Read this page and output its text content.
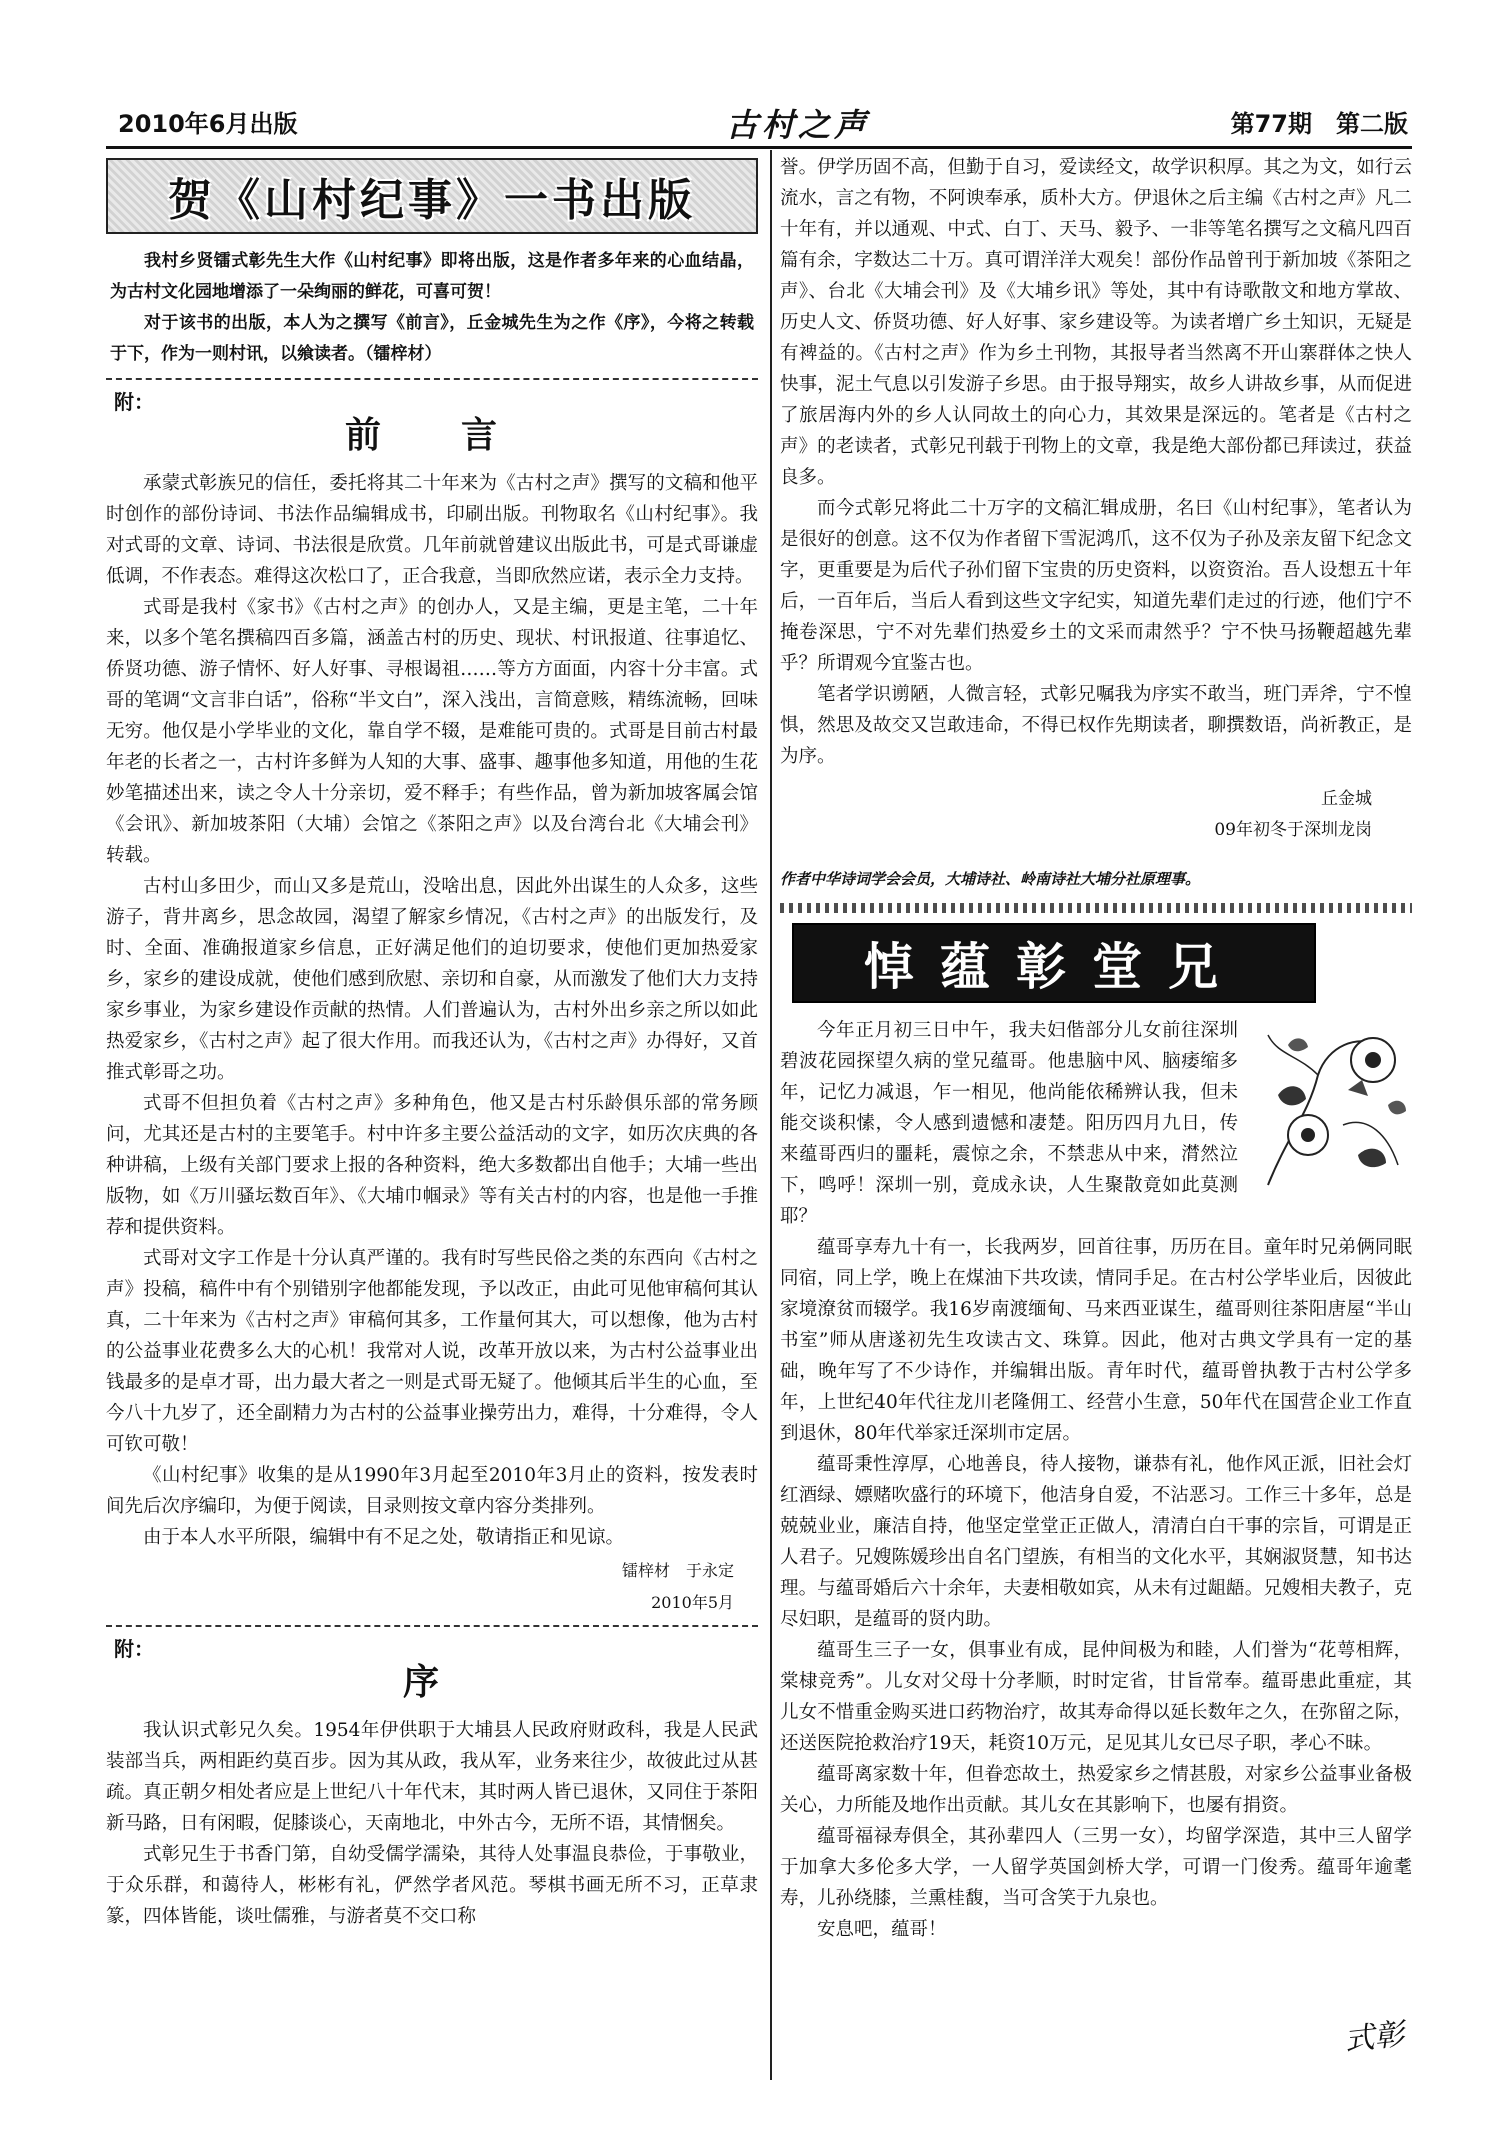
2010年6月出版	古村之声	第77期　第二版
贺《山村纪事》一书出版

我村乡贤镭式彰先生大作《山村纪事》即将出版，这是作者多年来的心血结晶，为古村文化园地增添了一朵绚丽的鲜花，可喜可贺！

对于该书的出版，本人为之撰写《前言》，丘金城先生为之作《序》，今将之转载于下，作为一则村讯，以飨读者。（镭梓材）

附：
前　言

承蒙式彰族兄的信任，委托将其二十年来为《古村之声》撰写的文稿和他平时创作的部份诗词、书法作品编辑成书，印刷出版。刊物取名《山村纪事》。我对式哥的文章、诗词、书法很是欣赏。几年前就曾建议出版此书，可是式哥谦虚低调，不作表态。难得这次松口了，正合我意，当即欣然应诺，表示全力支持。

式哥是我村《家书》《古村之声》的创办人，又是主编，更是主笔，二十年来，以多个笔名撰稿四百多篇，涵盖古村的历史、现状、村讯报道、往事追忆、侨贤功德、游子情怀、好人好事、寻根谒祖……等方方面面，内容十分丰富。式哥的笔调“文言非白话”，俗称“半文白”，深入浅出，言简意赅，精练流畅，回味无穷。他仅是小学毕业的文化，靠自学不辍，是难能可贵的。式哥是目前古村最年老的长者之一，古村许多鲜为人知的大事、盛事、趣事他多知道，用他的生花妙笔描述出来，读之令人十分亲切，爱不释手；有些作品，曾为新加坡客属会馆《会讯》、新加坡茶阳（大埔）会馆之《茶阳之声》以及台湾台北《大埔会刊》转载。

古村山多田少，而山又多是荒山，没啥出息，因此外出谋生的人众多，这些游子，背井离乡，思念故园，渴望了解家乡情况，《古村之声》的出版发行，及时、全面、准确报道家乡信息，正好满足他们的迫切要求，使他们更加热爱家乡，家乡的建设成就，使他们感到欣慰、亲切和自豪，从而激发了他们大力支持家乡事业，为家乡建设作贡献的热情。人们普遍认为，古村外出乡亲之所以如此热爱家乡，《古村之声》起了很大作用。而我还认为，《古村之声》办得好，又首推式彰哥之功。

式哥不但担负着《古村之声》多种角色，他又是古村乐龄俱乐部的常务顾问，尤其还是古村的主要笔手。村中许多主要公益活动的文字，如历次庆典的各种讲稿，上级有关部门要求上报的各种资料，绝大多数都出自他手；大埔一些出版物，如《万川骚坛数百年》、《大埔巾帼录》等有关古村的内容，也是他一手推荐和提供资料。

式哥对文字工作是十分认真严谨的。我有时写些民俗之类的东西向《古村之声》投稿，稿件中有个别错别字他都能发现，予以改正，由此可见他审稿何其认真，二十年来为《古村之声》审稿何其多，工作量何其大，可以想像，他为古村的公益事业花费多么大的心机！我常对人说，改革开放以来，为古村公益事业出钱最多的是卓才哥，出力最大者之一则是式哥无疑了。他倾其后半生的心血，至今八十九岁了，还全副精力为古村的公益事业操劳出力，难得，十分难得，令人可钦可敬！

《山村纪事》收集的是从1990年3月起至2010年3月止的资料，按发表时间先后次序编印，为便于阅读，目录则按文章内容分类排列。

由于本人水平所限，编辑中有不足之处，敬请指正和见谅。

镭梓材　于永定
2010年5月
附：
序

我认识式彰兄久矣。1954年伊供职于大埔县人民政府财政科，我是人民武装部当兵，两相距约莫百步。因为其从政，我从军，业务来往少，故彼此过从甚疏。真正朝夕相处者应是上世纪八十年代末，其时两人皆已退休，又同住于茶阳新马路，日有闲暇，促膝谈心，天南地北，中外古今，无所不语，其情悃矣。

式彰兄生于书香门第，自幼受儒学濡染，其待人处事温良恭俭，于事敬业，于众乐群，和蔼待人，彬彬有礼，俨然学者风范。琴棋书画无所不习，正草隶篆，四体皆能，谈吐儒雅，与游者莫不交口称

誉。伊学历固不高，但勤于自习，爱读经文，故学识积厚。其之为文，如行云流水，言之有物，不阿谀奉承，质朴大方。伊退休之后主编《古村之声》凡二十年有，并以通观、中式、白丁、天马、毅予、一非等笔名撰写之文稿凡四百篇有余，字数达二十万。真可谓洋洋大观矣！部份作品曾刊于新加坡《茶阳之声》、台北《大埔会刊》及《大埔乡讯》等处，其中有诗歌散文和地方掌故、历史人文、侨贤功德、好人好事、家乡建设等。为读者增广乡土知识，无疑是有裨益的。《古村之声》作为乡土刊物，其报导者当然离不开山寨群体之快人快事，泥土气息以引发游子乡思。由于报导翔实，故乡人讲故乡事，从而促进了旅居海内外的乡人认同故土的向心力，其效果是深远的。笔者是《古村之声》的老读者，式彰兄刊载于刊物上的文章，我是绝大部份都已拜读过，获益良多。

而今式彰兄将此二十万字的文稿汇辑成册，名曰《山村纪事》，笔者认为是很好的创意。这不仅为作者留下雪泥鸿爪，这不仅为子孙及亲友留下纪念文字，更重要是为后代子孙们留下宝贵的历史资料，以资资治。吾人设想五十年后，一百年后，当后人看到这些文字纪实，知道先辈们走过的行迹，他们宁不掩卷深思，宁不对先辈们热爱乡土的文采而肃然乎？宁不快马扬鞭超越先辈乎？所谓观今宜鉴古也。

笔者学识谫陋，人微言轻，式彰兄嘱我为序实不敢当，班门弄斧，宁不惶惧，然思及故交又岂敢违命，不得已权作先期读者，聊撰数语，尚祈教正，是为序。

丘金城
09年初冬于深圳龙岗
作者中华诗词学会会员，大埔诗社、岭南诗社大埔分社原理事。
悼蕴彰堂兄

今年正月初三日中午，我夫妇偕部分儿女前往深圳碧波花园探望久病的堂兄蕴哥。他患脑中风、脑痿缩多年，记忆力减退，乍一相见，他尚能依稀辨认我，但未能交谈积愫，令人感到遗憾和凄楚。阳历四月九日，传来蕴哥西归的噩耗，震惊之余，不禁悲从中来，潸然泣下，鸣呼！深圳一别，竟成永诀，人生聚散竟如此莫测耶？

蕴哥享寿九十有一，长我两岁，回首往事，历历在目。童年时兄弟俩同眠同宿，同上学，晚上在煤油下共攻读，情同手足。在古村公学毕业后，因彼此家境潦贫而辍学。我16岁南渡缅甸、马来西亚谋生，蕴哥则往茶阳唐屋“半山书室”师从唐遂初先生攻读古文、珠算。因此，他对古典文学具有一定的基础，晚年写了不少诗作，并编辑出版。青年时代，蕴哥曾执教于古村公学多年，上世纪40年代往龙川老隆佣工、经营小生意，50年代在国营企业工作直到退休，80年代举家迁深圳市定居。

蕴哥秉性淳厚，心地善良，待人接物，谦恭有礼，他作风正派，旧社会灯红酒绿、嫖赌吹盛行的环境下，他洁身自爱，不沾恶习。工作三十多年，总是兢兢业业，廉洁自持，他坚定堂堂正正做人，清清白白干事的宗旨，可谓是正人君子。兄嫂陈媛珍出自名门望族，有相当的文化水平，其娴淑贤慧，知书达理。与蕴哥婚后六十余年，夫妻相敬如宾，从未有过龃龉。兄嫂相夫教子，克尽妇职，是蕴哥的贤内助。

蕴哥生三子一女，俱事业有成，昆仲间极为和睦，人们誉为“花萼相辉，棠棣竞秀”。儿女对父母十分孝顺，时时定省，甘旨常奉。蕴哥患此重症，其儿女不惜重金购买进口药物治疗，故其寿命得以延长数年之久，在弥留之际，还送医院抢救治疗19天，耗资10万元，足见其儿女已尽子职，孝心不昧。

蕴哥离家数十年，但眷恋故土，热爱家乡之情甚殷，对家乡公益事业备极关心，力所能及地作出贡献。其儿女在其影响下，也屡有捐资。

蕴哥福禄寿俱全，其孙辈四人（三男一女），均留学深造，其中三人留学于加拿大多伦多大学，一人留学英国剑桥大学，可谓一门俊秀。蕴哥年逾耄寿，儿孙绕膝，兰熏桂馥，当可含笑于九泉也。

安息吧，蕴哥！

式彰
